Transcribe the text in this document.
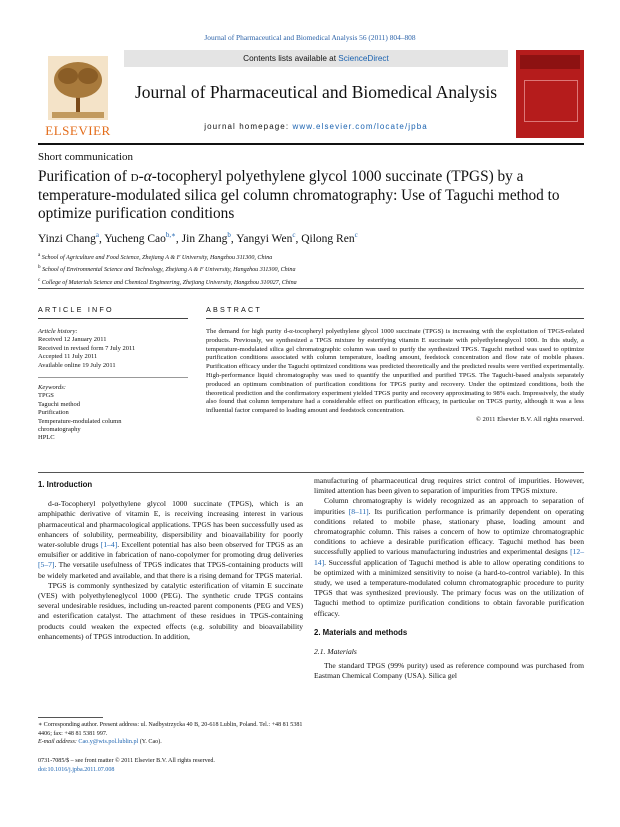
Journal of Pharmaceutical and Biomedical Analysis 56 (2011) 804–808
ELSEVIER
Contents lists available at ScienceDirect
Journal of Pharmaceutical and Biomedical Analysis
journal homepage: www.elsevier.com/locate/jpba
Short communication
Purification of d-α-tocopheryl polyethylene glycol 1000 succinate (TPGS) by a temperature-modulated silica gel column chromatography: Use of Taguchi method to optimize purification conditions
Yinzi Chang$^a$, Yucheng Cao$^{b,∗}$, Jin Zhang$^b$, Yangyi Wen$^c$, Qilong Ren$^c$
$^a$ School of Agriculture and Food Science, Zhejiang A & F University, Hangzhou 311300, China
$^b$ School of Environmental Science and Technology, Zhejiang A & F University, Hangzhou 311300, China
$^c$ College of Materials Science and Chemical Engineering, Zhejiang University, Hangzhou 310027, China
ARTICLE INFO
Article history:
Received 12 January 2011
Received in revised form 7 July 2011
Accepted 11 July 2011
Available online 19 July 2011
Keywords:
TPGS
Taguchi method
Purification
Temperature-modulated column
chromatography
HPLC
ABSTRACT
The demand for high purity d-α-tocopheryl polyethylene glycol 1000 succinate (TPGS) is increasing with the exploitation of TPGS-related products. Previously, we synthesized a TPGS mixture by esterifying vitamin E succinate with polyethyleneglycol 1000. In this study, a temperature-modulated silica gel chromatographic column was used to purify the synthesized TPGS. Taguchi method was used to optimize purification conditions associated with column temperature, loading amount, feedstock concentration and flow rate of mobile phases. Purification efficacy under the Taguchi optimized conditions was predicted theoretically and the predicted results were verified experimentally. High-performance liquid chromatography was used to quantify the unpurified and purified TPGS. The Taguchi-based analysis separately produced an optimum combination of purification conditions for TPGS purity and recovery. Under the optimized conditions, both the theoretical prediction and the confirmatory experiment yielded TPGS purity and recovery approximating to 98% each. Impressively, the study also found that column temperature had a considerable effect on purification efficacy, in particular on TPGS purity, although it was a less influential factor compared to loading amount and feedstock concentration.
© 2011 Elsevier B.V. All rights reserved.
1. Introduction

d-α-Tocopheryl polyethylene glycol 1000 succinate (TPGS), which is an amphipathic derivative of vitamin E, is receiving increasing interest in various pharmaceutical and pharmacological applications. TPGS has been successfully used as enhancers of solubility, permeability, dispersibility and bioavailability for poorly water-soluble drugs [1–4]. Excellent potential has also been observed for TPGS as an emulsifier or additive in fabrication of nano-copolymer for promoting drug deliveries [5–7]. The versatile usefulness of TPGS indicates that TPGS-containing products will be widely marketed and available, and that there is a rising demand for TPGS material.

TPGS is commonly synthesized by catalytic esterification of vitamin E succinate (VES) with polyethyleneglycol 1000 (PEG). The synthetic crude TPGS contains several undesirable residues, including un-reacted parent components (PEG and VES) and esterification catalyst. The attachment of these residues in TPGS-containing products could weaken the expected effects (e.g. solubility and bioavailability enhancements) of TPGS introduction. In addition,

manufacturing of pharmaceutical drug requires strict control of impurities. However, limited attention has been given to separation of impurities from TPGS mixture.

Column chromatography is widely recognized as an approach to separation of impurities [8–11]. Its purification performance is primarily dependent on operating conditions related to mobile phase, stationary phase, loading amount and chromatographic column. This raises a concern of how to optimize chromatographic conditions to achieve a desirable purification efficacy. Taguchi method has been successfully applied to various manufacturing industries and experimental designs [12–14]. Successful application of Taguchi method is able to allow operating conditions to be optimized with a minimized sensitivity to noise (a hard-to-control variable). In this study, we used a temperature-modulated column chromatographic procedure to purity TPGS that was synthesized previously. The primary focus was on the utilization of Taguchi method to optimize purification conditions to obtain favorable purification efficacy.

2. Materials and methods
2.1. Materials

The standard TPGS (99% purity) used as reference compound was purchased from Eastman Chemical Company (USA). Silica gel

∗ Corresponding author. Present address: ul. Nadbystrzycka 40 B, 20-618 Lublin, Poland. Tel.: +48 81 5381 4406; fax: +48 81 5381 997.
E-mail address: Cao.y@wis.pol.lublin.pl (Y. Cao).
0731-7085/$ – see front matter © 2011 Elsevier B.V. All rights reserved.
doi:10.1016/j.jpba.2011.07.008
